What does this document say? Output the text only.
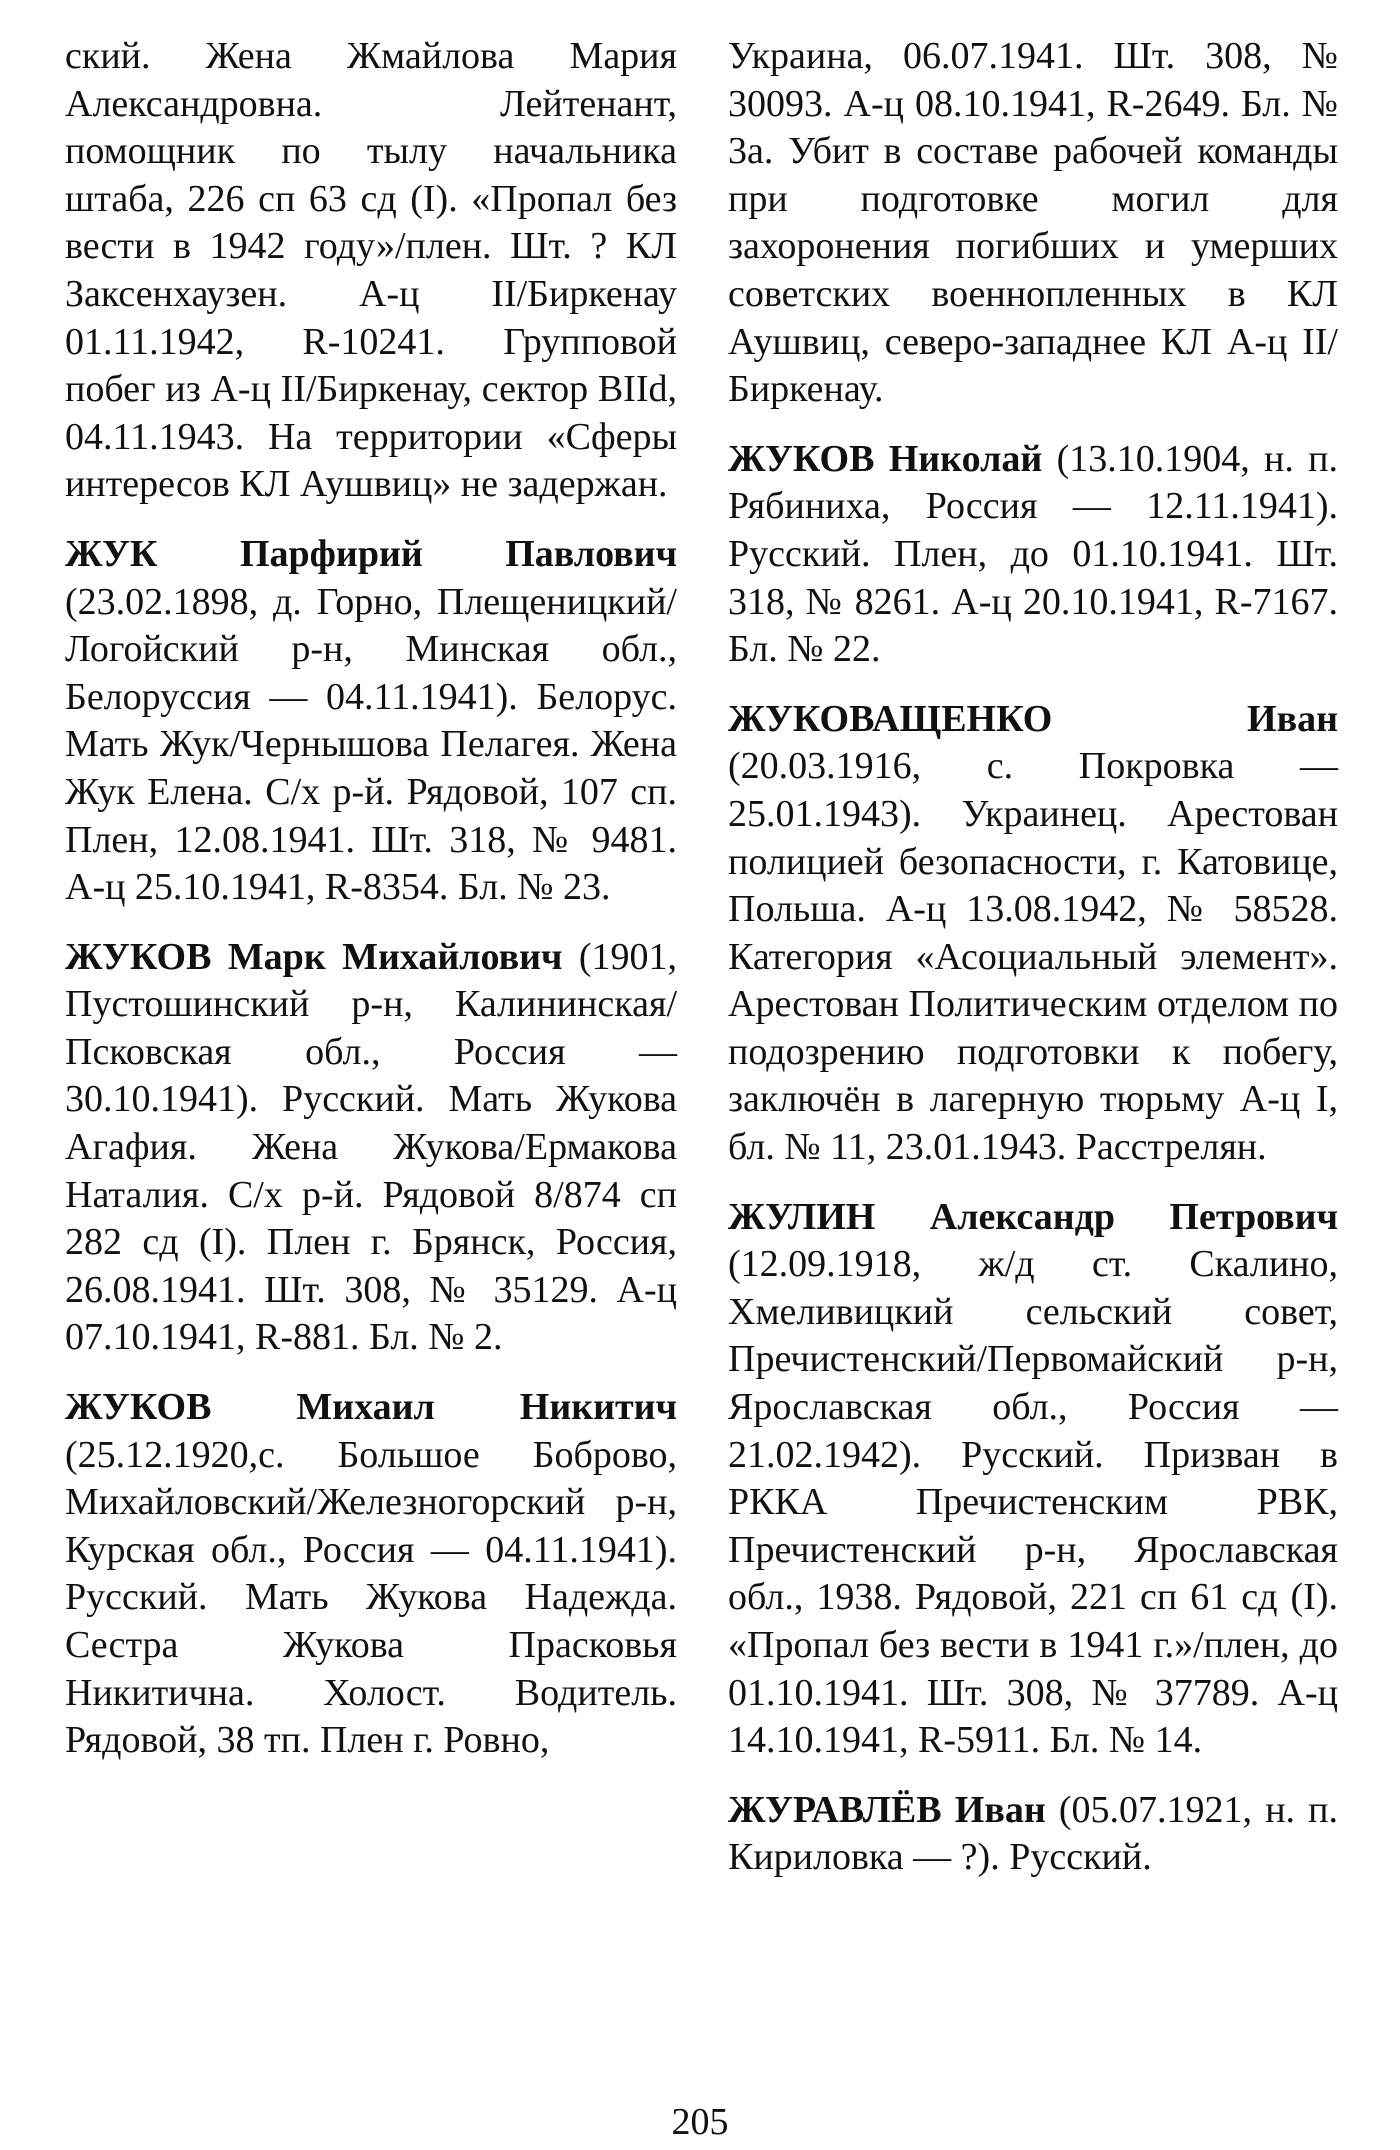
ский. Жена Жмайлова Мария Александровна. Лейтенант, помощник по тылу начальника штаба, 226 сп 63 сд (I). «Пропал без вести в 1942 году»/плен. Шт. ? КЛ Заксенхаузен. А-ц II/Биркенау 01.11.1942, R-10241. Групповой побег из А-ц II/Биркенау, сектор BIId, 04.11.1943. На территории «Сферы интересов КЛ Аушвиц» не задержан.

ЖУК Парфирий Павлович (23.02.1898, д. Горно, Плещеницкий/Логойский р-н, Минская обл., Белоруссия — 04.11.1941). Белорус. Мать Жук/Чернышова Пелагея. Жена Жук Елена. С/х р-й. Рядовой, 107 сп. Плен, 12.08.1941. Шт. 318, № 9481. А-ц 25.10.1941, R-8354. Бл. № 23.

ЖУКОВ Марк Михайлович (1901, Пустошинский р-н, Калининская/Псковская обл., Россия — 30.10.1941). Русский. Мать Жукова Агафия. Жена Жукова/Ермакова Наталия. С/х р-й. Рядовой 8/874 сп 282 сд (I). Плен г. Брянск, Россия, 26.08.1941. Шт. 308, № 35129. А-ц 07.10.1941, R-881. Бл. № 2.

ЖУКОВ Михаил Никитич (25.12.1920,с. Большое Боброво, Михайловский/Железногорский р-н, Курская обл., Россия — 04.11.1941). Русский. Мать Жукова Надежда. Сестра Жукова Прасковья Никитична. Холост. Водитель. Рядовой, 38 тп. Плен г. Ровно,

Украина, 06.07.1941. Шт. 308, № 30093. А-ц 08.10.1941, R-2649. Бл. № 3а. Убит в составе рабочей команды при подготовке могил для захоронения погибших и умерших советских военнопленных в КЛ Аушвиц, северо-западнее КЛ А-ц II/Биркенау.

ЖУКОВ Николай (13.10.1904, н. п. Рябиниха, Россия — 12.11.1941). Русский. Плен, до 01.10.1941. Шт. 318, № 8261. А-ц 20.10.1941, R-7167. Бл. № 22.

ЖУКОВАЩЕНКО Иван (20.03.1916, с. Покровка — 25.01.1943). Украинец. Арестован полицией безопасности, г. Катовице, Польша. А-ц 13.08.1942, № 58528. Категория «Асоциальный элемент». Арестован Политическим отделом по подозрению подготовки к побегу, заключён в лагерную тюрьму А-ц I, бл. № 11, 23.01.1943. Расстрелян.

ЖУЛИН Александр Петрович (12.09.1918, ж/д ст. Скалино, Хмеливицкий сельский совет, Пречистенский/Первомайский р-н, Ярославская обл., Россия — 21.02.1942). Русский. Призван в РККА Пречистенским РВК, Пречистенский р-н, Ярославская обл., 1938. Рядовой, 221 сп 61 сд (I). «Пропал без вести в 1941 г.»/плен, до 01.10.1941. Шт. 308, № 37789. А-ц 14.10.1941, R-5911. Бл. № 14.

ЖУРАВЛЁВ Иван (05.07.1921, н. п. Кириловка — ?). Русский.

205
